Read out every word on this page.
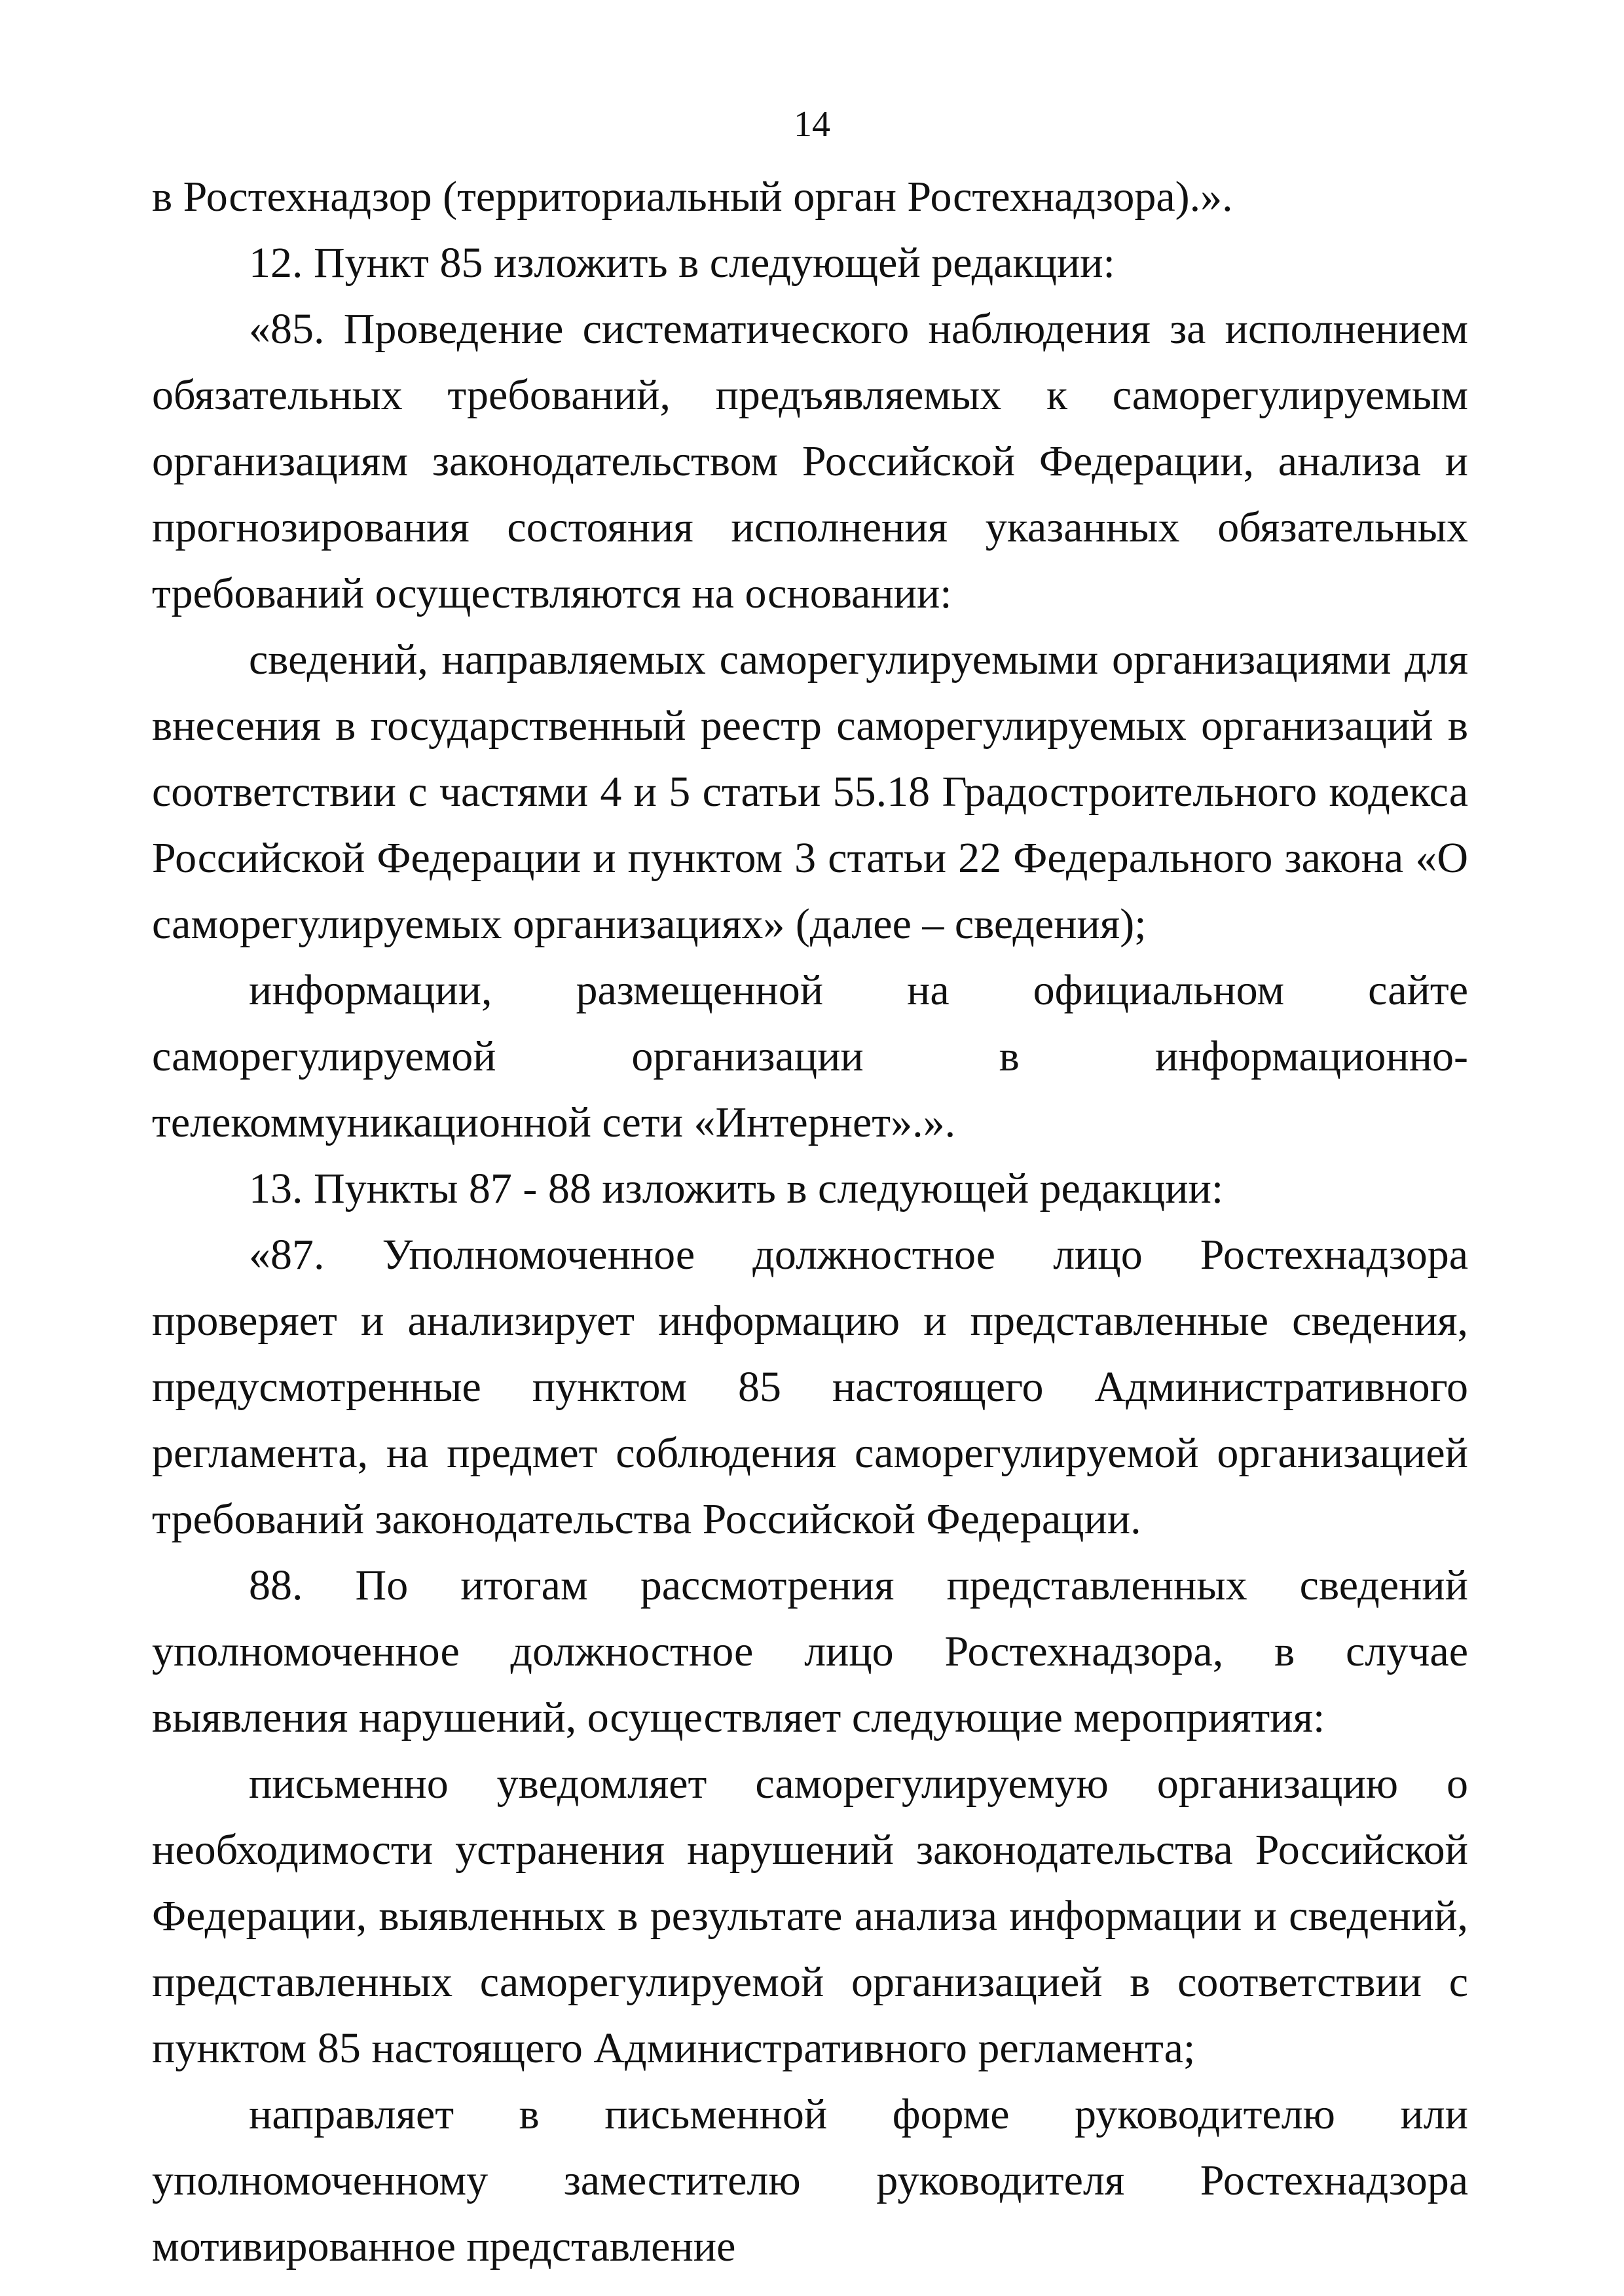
14

в Ростехнадзор (территориальный орган Ростехнадзора).».

12. Пункт 85 изложить в следующей редакции:

«85. Проведение систематического наблюдения за исполнением обязательных требований, предъявляемых к саморегулируемым организациям законодательством Российской Федерации, анализа и прогнозирования состояния исполнения указанных обязательных требований осуществляются на основании:

сведений, направляемых саморегулируемыми организациями для внесения в государственный реестр саморегулируемых организаций в соответствии с частями 4 и 5 статьи 55.18 Градостроительного кодекса Российской Федерации и пунктом 3 статьи 22 Федерального закона «О саморегулируемых организациях» (далее – сведения);

информации, размещенной на официальном сайте саморегулируемой организации в информационно-телекоммуникационной сети «Интернет».».

13. Пункты 87 - 88 изложить в следующей редакции:

«87. Уполномоченное должностное лицо Ростехнадзора проверяет и анализирует информацию и представленные сведения, предусмотренные пунктом 85 настоящего Административного регламента, на предмет соблюдения саморегулируемой организацией требований законодательства Российской Федерации.

88. По итогам рассмотрения представленных сведений уполномоченное должностное лицо Ростехнадзора, в случае выявления нарушений, осуществляет следующие мероприятия:

письменно уведомляет саморегулируемую организацию о необходимости устранения нарушений законодательства Российской Федерации, выявленных в результате анализа информации и сведений, представленных саморегулируемой организацией в соответствии с пунктом 85 настоящего Административного регламента;

направляет в письменной форме руководителю или уполномоченному заместителю руководителя Ростехнадзора мотивированное представление
